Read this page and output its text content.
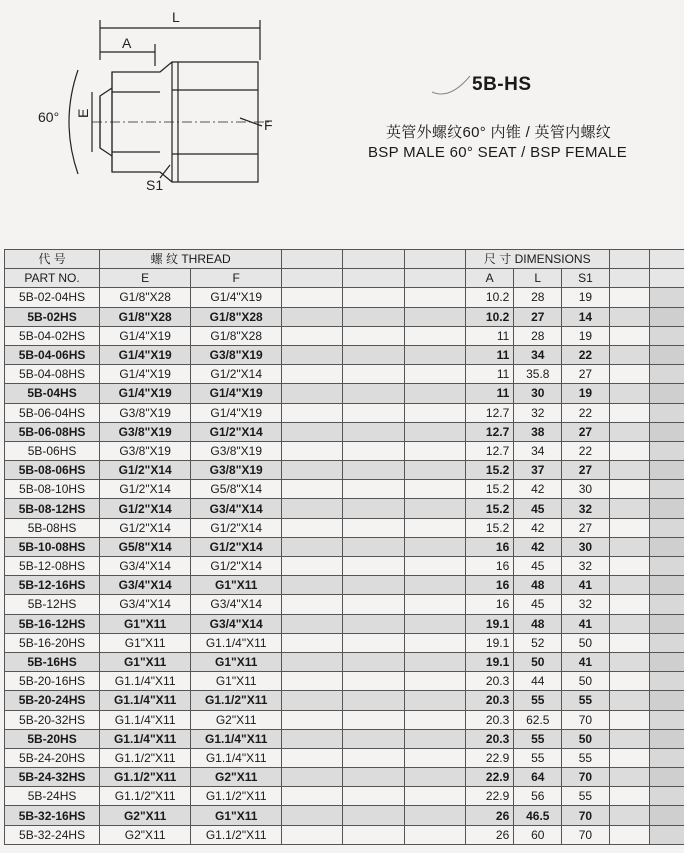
L
A
E
F
S1
60°
5B-HS
英管外螺纹60° 内锥 / 英管内螺纹
BSP MALE 60° SEAT / BSP FEMALE
代 号	螺 纹 THREAD					尺 寸 DIMENSIONS				
PART NO.	E	F				A	L	S1		
5B-02-04HS	G1/8"X28	G1/4"X19				10.2	28	19		
5B-02HS	G1/8"X28	G1/8"X28				10.2	27	14		
5B-04-02HS	G1/4"X19	G1/8"X28				11	28	19		
5B-04-06HS	G1/4"X19	G3/8"X19				11	34	22		
5B-04-08HS	G1/4"X19	G1/2"X14				11	35.8	27		
5B-04HS	G1/4"X19	G1/4"X19				11	30	19		
5B-06-04HS	G3/8"X19	G1/4"X19				12.7	32	22		
5B-06-08HS	G3/8"X19	G1/2"X14				12.7	38	27		
5B-06HS	G3/8"X19	G3/8"X19				12.7	34	22		
5B-08-06HS	G1/2"X14	G3/8"X19				15.2	37	27		
5B-08-10HS	G1/2"X14	G5/8"X14				15.2	42	30		
5B-08-12HS	G1/2"X14	G3/4"X14				15.2	45	32		
5B-08HS	G1/2"X14	G1/2"X14				15.2	42	27		
5B-10-08HS	G5/8"X14	G1/2"X14				16	42	30		
5B-12-08HS	G3/4"X14	G1/2"X14				16	45	32		
5B-12-16HS	G3/4"X14	G1"X11				16	48	41		
5B-12HS	G3/4"X14	G3/4"X14				16	45	32		
5B-16-12HS	G1"X11	G3/4"X14				19.1	48	41		
5B-16-20HS	G1"X11	G1.1/4"X11				19.1	52	50		
5B-16HS	G1"X11	G1"X11				19.1	50	41		
5B-20-16HS	G1.1/4"X11	G1"X11				20.3	44	50		
5B-20-24HS	G1.1/4"X11	G1.1/2"X11				20.3	55	55		
5B-20-32HS	G1.1/4"X11	G2"X11				20.3	62.5	70		
5B-20HS	G1.1/4"X11	G1.1/4"X11				20.3	55	50		
5B-24-20HS	G1.1/2"X11	G1.1/4"X11				22.9	55	55		
5B-24-32HS	G1.1/2"X11	G2"X11				22.9	64	70		
5B-24HS	G1.1/2"X11	G1.1/2"X11				22.9	56	55		
5B-32-16HS	G2"X11	G1"X11				26	46.5	70		
5B-32-24HS	G2"X11	G1.1/2"X11				26	60	70		
